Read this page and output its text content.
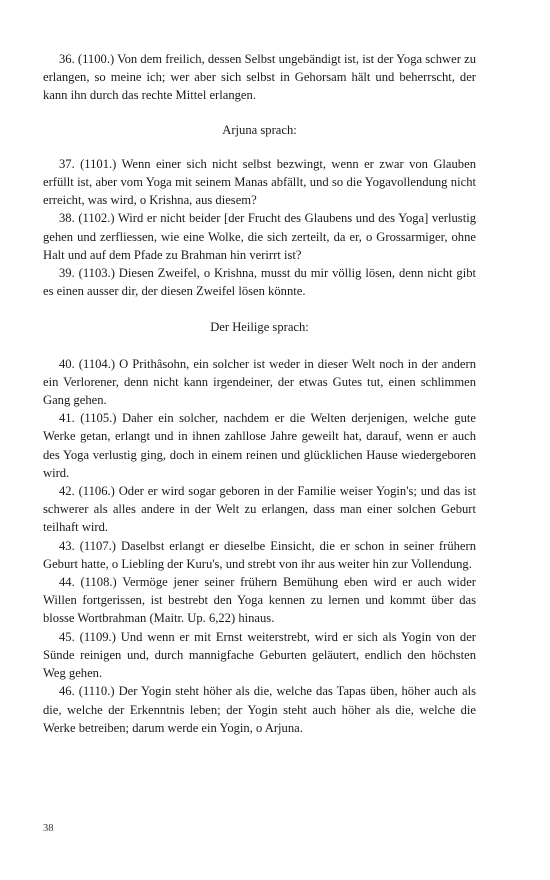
36. (1100.) Von dem freilich, dessen Selbst ungebändigt ist, ist der Yoga schwer zu erlangen, so meine ich; wer aber sich selbst in Gehorsam hält und beherrscht, der kann ihn durch das rechte Mittel erlangen.

Arjuna sprach:

37. (1101.) Wenn einer sich nicht selbst bezwingt, wenn er zwar von Glauben erfüllt ist, aber vom Yoga mit seinem Manas abfällt, und so die Yogavollendung nicht erreicht, was wird, o Krishna, aus diesem?

38. (1102.) Wird er nicht beider [der Frucht des Glaubens und des Yoga] verlustig gehen und zerfliessen, wie eine Wolke, die sich zerteilt, da er, o Grossarmiger, ohne Halt und auf dem Pfade zu Brahman hin verirrt ist?

39. (1103.) Diesen Zweifel, o Krishna, musst du mir völlig lösen, denn nicht gibt es einen ausser dir, der diesen Zweifel lösen könnte.

Der Heilige sprach:

40. (1104.) O Prithâsohn, ein solcher ist weder in dieser Welt noch in der andern ein Verlorener, denn nicht kann irgendeiner, der etwas Gutes tut, einen schlimmen Gang gehen.

41. (1105.) Daher ein solcher, nachdem er die Welten derjenigen, welche gute Werke getan, erlangt und in ihnen zahllose Jahre geweilt hat, darauf, wenn er auch des Yoga verlustig ging, doch in einem reinen und glücklichen Hause wiedergeboren wird.

42. (1106.) Oder er wird sogar geboren in der Familie weiser Yogin's; und das ist schwerer als alles andere in der Welt zu erlangen, dass man einer solchen Geburt teilhaft wird.

43. (1107.) Daselbst erlangt er dieselbe Einsicht, die er schon in seiner frühern Geburt hatte, o Liebling der Kuru's, und strebt von ihr aus weiter hin zur Vollendung.

44. (1108.) Vermöge jener seiner frühern Bemühung eben wird er auch wider Willen fortgerissen, ist bestrebt den Yoga kennen zu lernen und kommt über das blosse Wortbrahman (Maitr. Up. 6,22) hinaus.

45. (1109.) Und wenn er mit Ernst weiterstrebt, wird er sich als Yogin von der Sünde reinigen und, durch mannigfache Geburten geläutert, endlich den höchsten Weg gehen.

46. (1110.) Der Yogin steht höher als die, welche das Tapas üben, höher auch als die, welche der Erkenntnis leben; der Yogin steht auch höher als die, welche die Werke betreiben; darum werde ein Yogin, o Arjuna.

38
